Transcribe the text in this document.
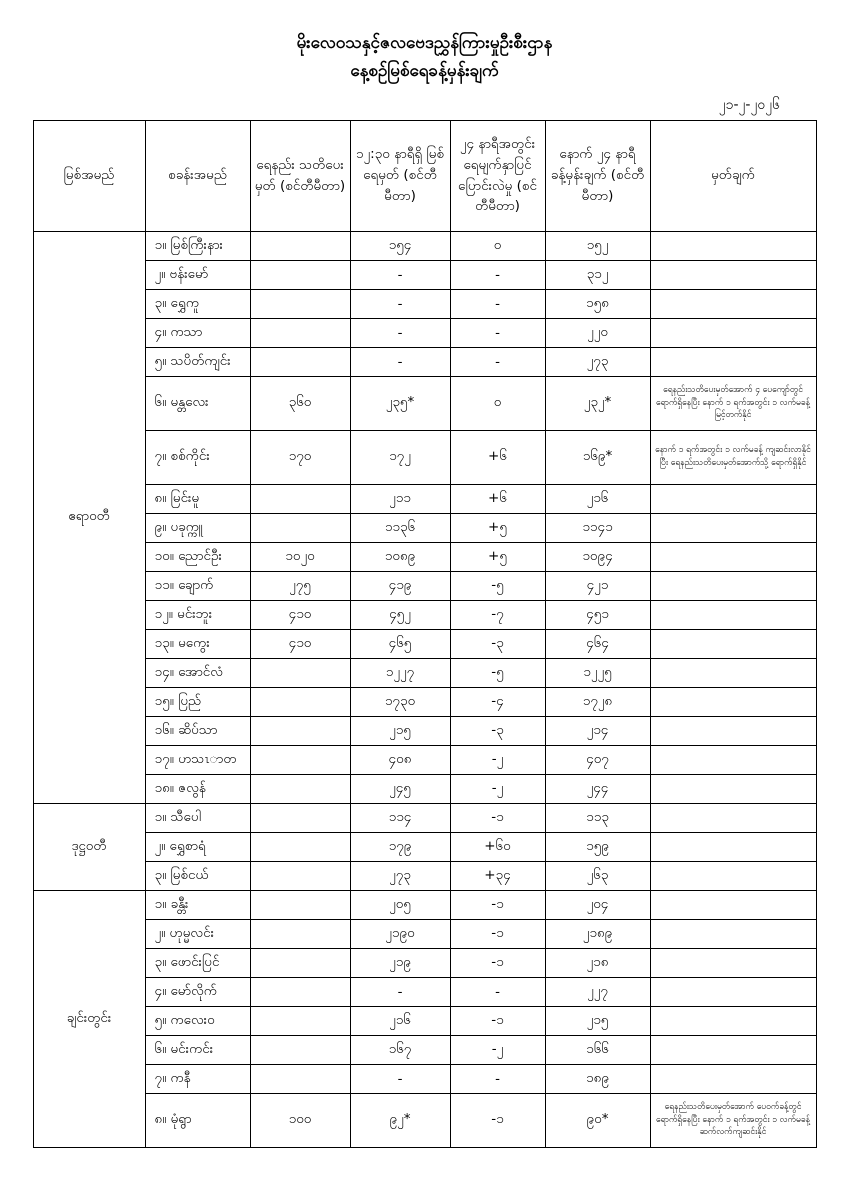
မိုးလေဝသနှင့်ဇလဗေဒညွှန်ကြားမှုဦးစီးဌာန
နေ့စဉ်မြစ်ရေခန့်မှန်းချက်
၂၁-၂-၂၀၂၆
မြစ်အမည်	စခန်းအမည်	ရေနည်း သတိပေးမှတ် (စင်တီမီတာ)	၁၂:၃၀ နာရီရှိ မြစ်ရေမှတ် (စင်တီမီတာ)	၂၄ နာရီအတွင်း ရေမျက်နှာပြင် ပြောင်းလဲမှု (စင်တီမီတာ)	နောက် ၂၄ နာရီ ခန့်မှန်းချက် (စင်တီမီတာ)	မှတ်ချက်
ဧရာဝတီ	၁။ မြစ်ကြီးနား		၁၅၄	၀	၁၅၂	
	၂။ ဗန်းမော်		-	-	၃၁၂	
	၃။ ရွှေကူ		-	-	၁၅၈	
	၄။ ကသာ		-	-	၂၂၀	
	၅။ သပိတ်ကျင်း		-	-	၂၇၃	
	၆။ မန္တလေး	၃၆၀	၂၃၅*	၀	၂၃၂*	ရေနည်းသတိပေးမှတ်အောက် ၄ ပေကျော်တွင် ရောက်ရှိနေပြီး နောက် ၁ ရက်အတွင်း ၁ လက်မခန့် မြင့်တက်နိုင်
	၇။ စစ်ကိုင်း	၁၇၀	၁၇၂	+၆	၁၆၉*	နောက် ၁ ရက်အတွင်း ၁ လက်မခန့် ကျဆင်းလာနိုင်ပြီး ရေနည်းသတိပေးမှတ်အောက်သို့ ရောက်ရှိနိုင်
	၈။ မြင်းမူ		၂၁၁	+၆	၂၁၆	
	၉။ ပခုက္ကူ		၁၁၃၆	+၅	၁၁၄၁	
	၁၀။ ညောင်ဦး	၁၀၂၀	၁၀၈၉	+၅	၁၀၉၄	
	၁၁။ ချောက်	၂၇၅	၄၁၉	-၅	၄၂၁	
	၁၂။ မင်းဘူး	၄၁၀	၄၅၂	-၇	၄၅၁	
	၁၃။ မကွေး	၄၁၀	၄၆၅	-၃	၄၆၄	
	၁၄။ အောင်လံ		၁၂၂၇	-၅	၁၂၂၅	
	၁၅။ ပြည်		၁၇၃၀	-၄	၁၇၂၈	
	၁၆။ ဆိပ်သာ		၂၁၅	-၃	၂၁၄	
	၁၇။ ဟသၤာတ		၄၀၈	-၂	၄၀၇	
	၁၈။ ဇလွန်		၂၄၅	-၂	၂၄၄	
ဒုဋ္ဌဝတီ	၁။ သီပေါ		၁၁၄	-၁	၁၁၃	
	၂။ ရွှေစာရံ		၁၇၉	+၆၀	၁၅၉	
	၃။ မြစ်ငယ်		၂၇၃	+၃၄	၂၆၃	
ချင်းတွင်း	၁။ ခန္တီး		၂၀၅	-၁	၂၀၄	
	၂။ ဟုမ္မလင်း		၂၁၉၀	-၁	၂၁၈၉	
	၃။ ဖောင်းပြင်		၂၁၉	-၁	၂၁၈	
	၄။ မော်လိုက်		-	-	၂၂၇	
	၅။ ကလေးဝ		၂၁၆	-၁	၂၁၅	
	၆။ မင်းကင်း		၁၆၇	-၂	၁၆၆	
	၇။ ကနီ		-	-	၁၈၉	
	၈။ မုံရွာ	၁၀၀	၉၂*	-၁	၉၀*	ရေနည်းသတိပေးမှတ်အောက် ပေဝက်ခန့်တွင် ရောက်ရှိနေပြီး နောက် ၁ ရက်အတွင်း ၁ လက်မခန့် ဆက်လက်ကျဆင်းနိုင်
